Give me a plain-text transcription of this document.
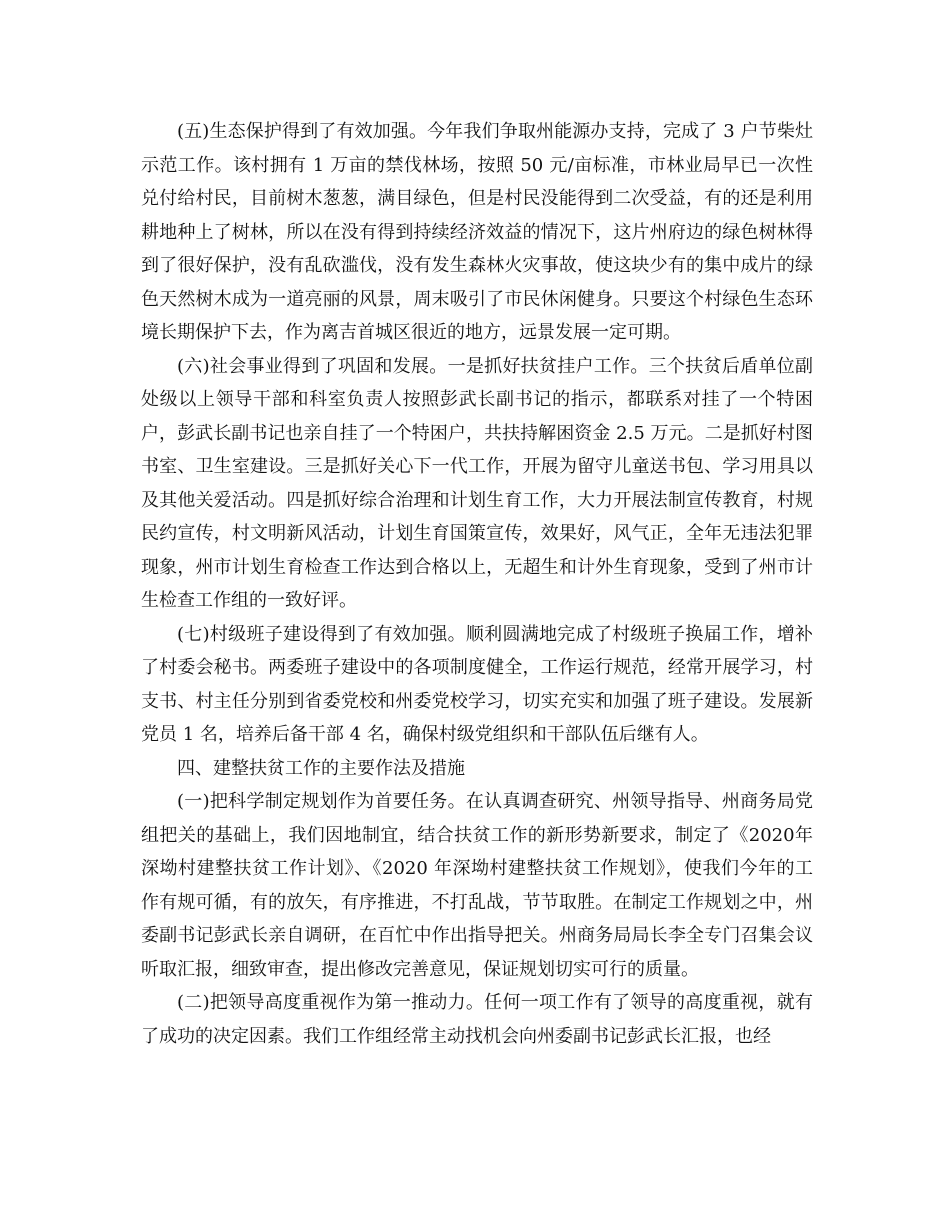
(五)生态保护得到了有效加强。今年我们争取州能源办支持，完成了 3 户节柴灶示范工作。该村拥有 1 万亩的禁伐林场，按照 50 元/亩标准，市林业局早已一次性兑付给村民，目前树木葱葱，满目绿色，但是村民没能得到二次受益，有的还是利用耕地种上了树林，所以在没有得到持续经济效益的情况下，这片州府边的绿色树林得到了很好保护，没有乱砍滥伐，没有发生森林火灾事故，使这块少有的集中成片的绿色天然树木成为一道亮丽的风景，周末吸引了市民休闲健身。只要这个村绿色生态环境长期保护下去，作为离吉首城区很近的地方，远景发展一定可期。

(六)社会事业得到了巩固和发展。一是抓好扶贫挂户工作。三个扶贫后盾单位副处级以上领导干部和科室负责人按照彭武长副书记的指示，都联系对挂了一个特困户，彭武长副书记也亲自挂了一个特困户，共扶持解困资金 2.5 万元。二是抓好村图书室、卫生室建设。三是抓好关心下一代工作，开展为留守儿童送书包、学习用具以及其他关爱活动。四是抓好综合治理和计划生育工作，大力开展法制宣传教育，村规民约宣传，村文明新风活动，计划生育国策宣传，效果好，风气正，全年无违法犯罪现象，州市计划生育检查工作达到合格以上，无超生和计外生育现象，受到了州市计生检查工作组的一致好评。

(七)村级班子建设得到了有效加强。顺利圆满地完成了村级班子换届工作，增补了村委会秘书。两委班子建设中的各项制度健全，工作运行规范，经常开展学习，村支书、村主任分别到省委党校和州委党校学习，切实充实和加强了班子建设。发展新党员 1 名，培养后备干部 4 名，确保村级党组织和干部队伍后继有人。

四、建整扶贫工作的主要作法及措施

(一)把科学制定规划作为首要任务。在认真调查研究、州领导指导、州商务局党组把关的基础上，我们因地制宜，结合扶贫工作的新形势新要求，制定了《2020年深坳村建整扶贫工作计划》、《2020 年深坳村建整扶贫工作规划》，使我们今年的工作有规可循，有的放矢，有序推进，不打乱战，节节取胜。在制定工作规划之中，州委副书记彭武长亲自调研，在百忙中作出指导把关。州商务局局长李全专门召集会议听取汇报，细致审查，提出修改完善意见，保证规划切实可行的质量。

(二)把领导高度重视作为第一推动力。任何一项工作有了领导的高度重视，就有了成功的决定因素。我们工作组经常主动找机会向州委副书记彭武长汇报，也经
